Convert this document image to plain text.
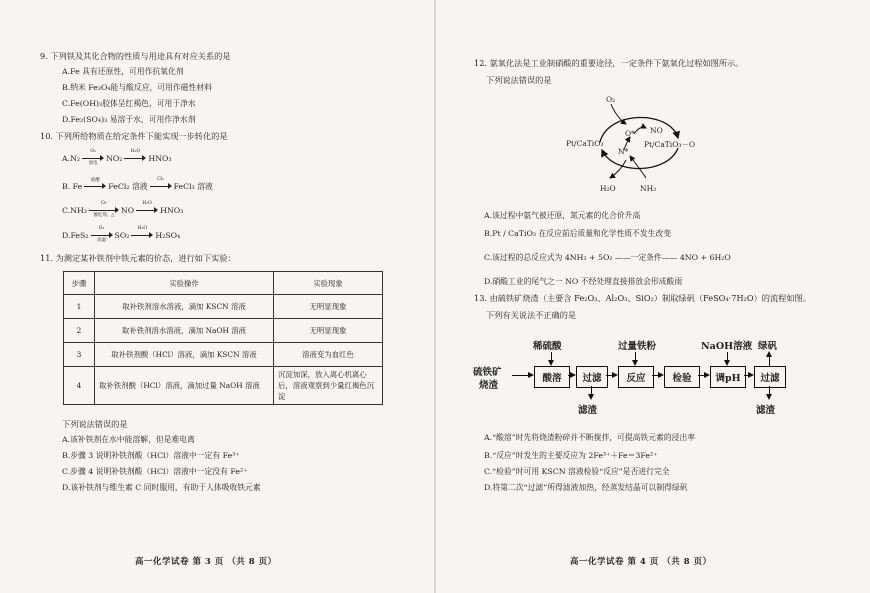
9. 下列铁及其化合物的性质与用途具有对应关系的是
A.Fe 具有还原性，可用作抗氧化剂
B.纳米 Fe₃O₄能与酸反应，可用作磁性材料
C.Fe(OH)₃胶体呈红褐色，可用于净水
D.Fe₂(SO₄)₃ 易溶于水，可用作净水剂
10. 下列所给物质在给定条件下能实现一步转化的是
A.N₂
O₂
放电
NO₂
H₂O
HNO₃
B. Fe
盐酸
FeCl₂ 溶液
Cl₂
FeCl₃ 溶液
C.NH₃
O₂
催化剂、△
NO
H₂O
HNO₃
D.FeS₂
O₂
高温
SO₂
H₂O
H₂SO₄
11. 为测定某补铁剂中铁元素的价态，进行如下实验：
步骤	实验操作	实验现象
1	取补铁剂溶水溶液，滴加 KSCN 溶液	无明显现象
2	取补铁剂溶水溶液，滴加 NaOH 溶液	无明显现象
3	取补铁剂酸（HCl）溶液，滴加 KSCN 溶液	溶液变为血红色
4	取补铁剂酸（HCl）溶液，滴加过量 NaOH 溶液	沉淀加深，放入离心机离心后，溶液观察到少量红褐色沉淀
下列说法错误的是
A.该补铁剂在水中能溶解，但是难电离
B.步骤 3 说明补铁剂酸（HCl）溶液中一定有 Fe³⁺
C.步骤 4 说明补铁剂酸（HCl）溶液中一定没有 Fe²⁺
D.该补铁剂与维生素 C 同时服用，有助于人体吸收铁元素
高一化学试卷 第 3 页 （共 8 页）
12. 氨氧化法是工业制硝酸的重要途径，一定条件下氨氧化过程如图所示。
下列说法错误的是
O₂
Pt/CaTiO₃	Pt/CaTiO₃－O
O* NO
N*
H₂O	NH₃
A.该过程中氨气被还原，氮元素的化合价升高
B.Pt / CaTiO₃ 在反应前后质量和化学性质不发生改变
C.该过程的总反应式为 4NH₃ + 5O₂ ——一定条件—— 4NO + 6H₂O
D.硝酸工业的尾气之一 NO 不经处理直接排放会形成酸雨
13. 由硫铁矿烧渣（主要含 Fe₂O₃、Al₂O₃、SiO₂）制取绿矾（FeSO₄·7H₂O）的流程如图。
下列有关说法不正确的是
硫铁矿
烧渣
稀硫酸	过量铁粉	NaOH溶液 绿矾
酸溶	过滤	反应	检验	调pH	过滤
滤渣	滤渣
A.“酸溶”时先将烧渣粉碎并不断搅拌，可提高铁元素的浸出率
B.“反应”时发生的主要反应为 2Fe³⁺＋Fe＝3Fe²⁺
C.“检验”时可用 KSCN 溶液检验“反应”是否进行完全
D.将第二次“过滤”所得滤液加热，经蒸发结晶可以制得绿矾
高一化学试卷 第 4 页 （共 8 页）
